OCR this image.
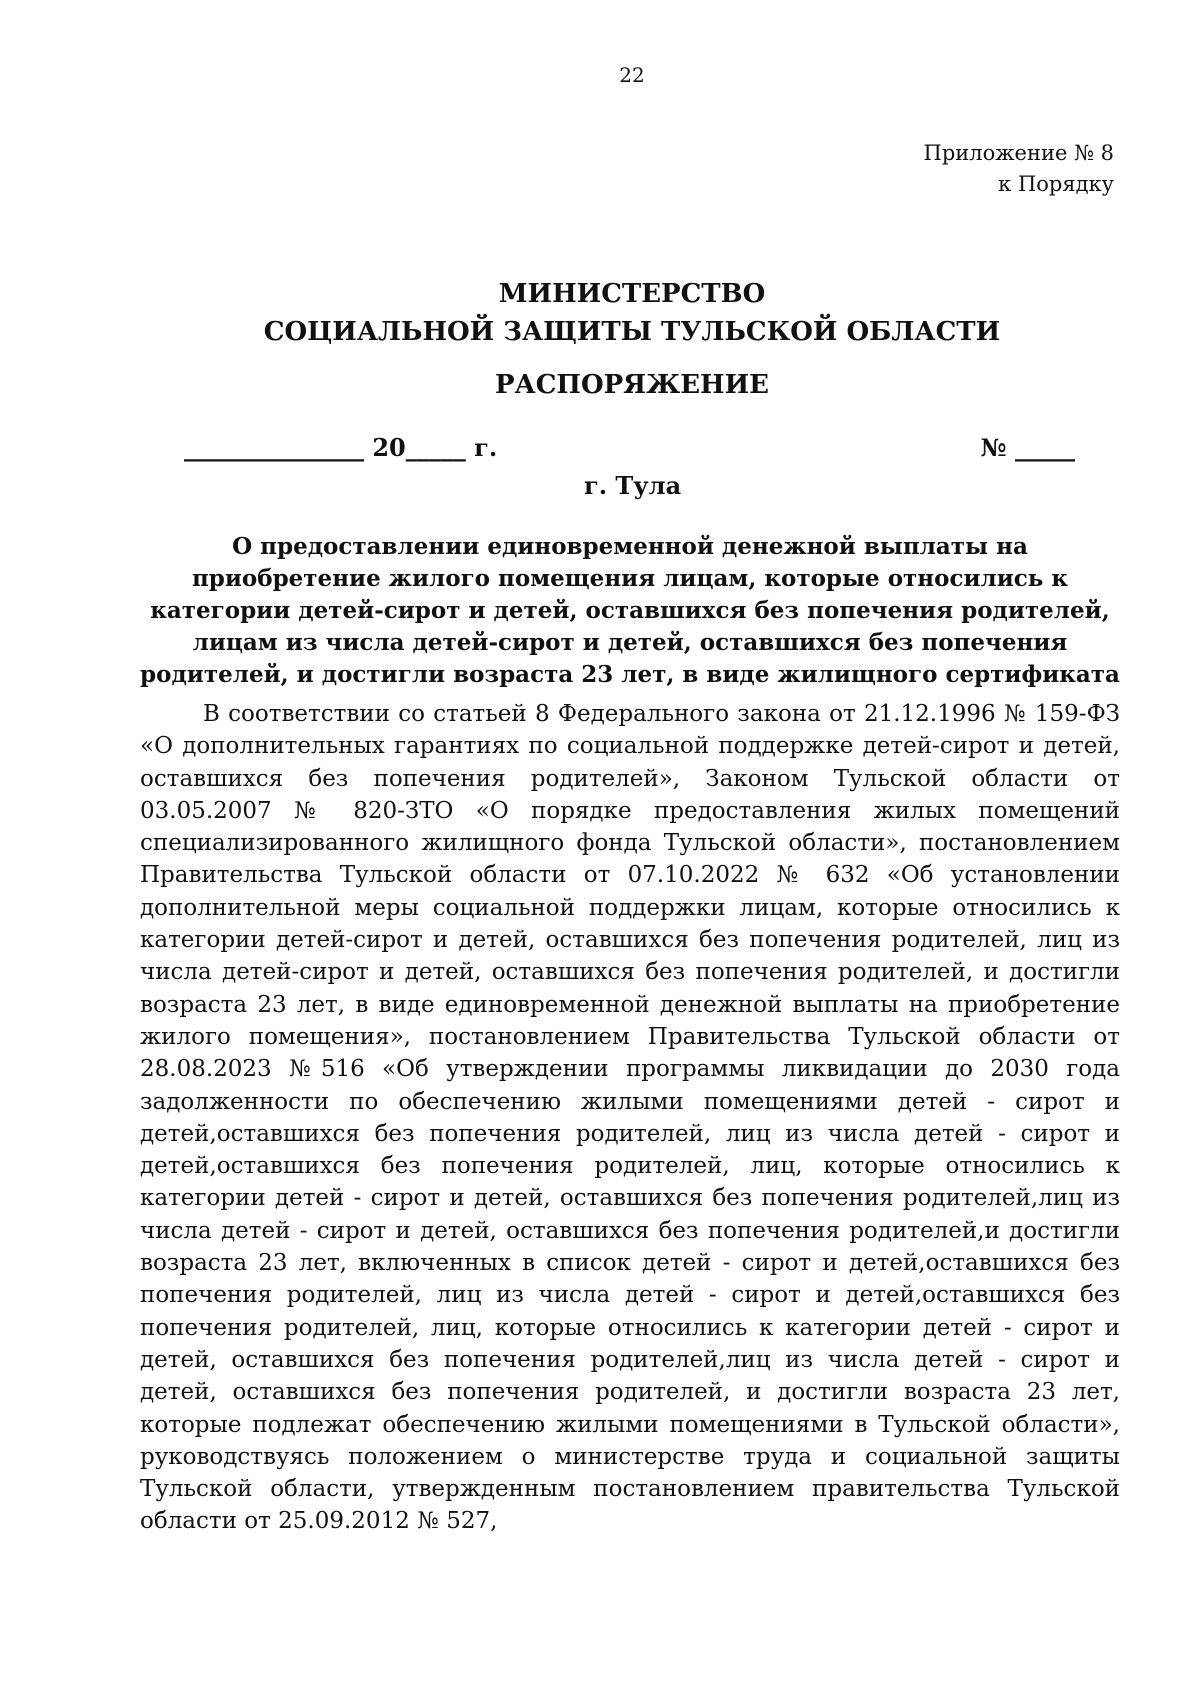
22
Приложение № 8
к Порядку
МИНИСТЕРСТВО
СОЦИАЛЬНОЙ ЗАЩИТЫ ТУЛЬСКОЙ ОБЛАСТИ
РАСПОРЯЖЕНИЕ
_______________ 20_____ г.	№ _____
г. Тула
О предоставлении единовременной денежной выплаты на приобретение жилого помещения лицам, которые относились к категории детей-сирот и детей, оставшихся без попечения родителей, лицам из числа детей-сирот и детей, оставшихся без попечения родителей, и достигли возраста 23 лет, в виде жилищного сертификата
В соответствии со статьей 8 Федерального закона от 21.12.1996 № 159-ФЗ «О дополнительных гарантиях по социальной поддержке детей-сирот и детей, оставшихся без попечения родителей», Законом Тульской области от 03.05.2007 № 820-ЗТО «О порядке предоставления жилых помещений специализированного жилищного фонда Тульской области», постановлением Правительства Тульской области от 07.10.2022 № 632 «Об установлении дополнительной меры социальной поддержки лицам, которые относились к категории детей-сирот и детей, оставшихся без попечения родителей, лиц из числа детей-сирот и детей, оставшихся без попечения родителей, и достигли возраста 23 лет, в виде единовременной денежной выплаты на приобретение жилого помещения», постановлением Правительства Тульской области от 28.08.2023 №516 «Об утверждении программы ликвидации до 2030 года задолженности по обеспечению жилыми помещениями детей - сирот и детей,оставшихся без попечения родителей, лиц из числа детей - сирот и детей,оставшихся без попечения родителей, лиц, которые относились к категории детей - сирот и детей, оставшихся без попечения родителей,лиц из числа детей - сирот и детей, оставшихся без попечения родителей,и достигли возраста 23 лет, включенных в список детей - сирот и детей,оставшихся без попечения родителей, лиц из числа детей - сирот и детей,оставшихся без попечения родителей, лиц, которые относились к категории детей - сирот и детей, оставшихся без попечения родителей,лиц из числа детей - сирот и детей, оставшихся без попечения родителей, и достигли возраста 23 лет, которые подлежат обеспечению жилыми помещениями в Тульской области», руководствуясь положением о министерстве труда и социальной защиты Тульской области, утвержденным постановлением правительства Тульской области от 25.09.2012 № 527,
